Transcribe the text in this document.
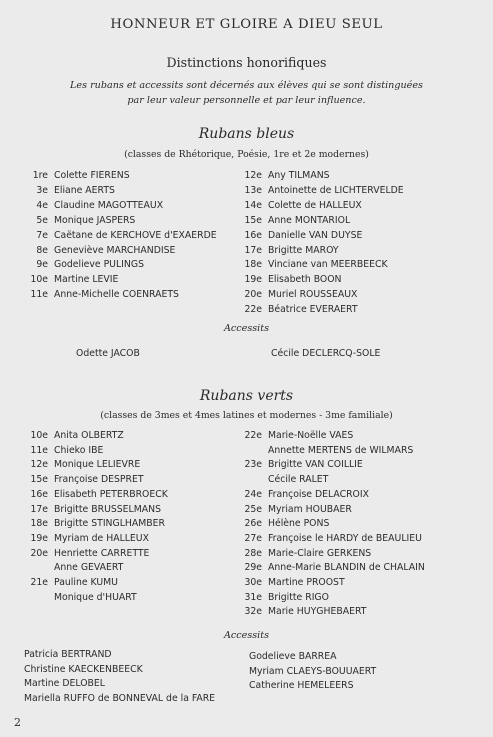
HONNEUR ET GLOIRE A DIEU SEUL
Distinctions honorifiques
Les rubans et accessits sont décernés aux élèves qui se sont distinguées
par leur valeur personnelle et par leur influence.
Rubans bleus
(classes de Rhétorique, Poésie, 1re et 2e modernes)
1re Colette FIERENS
3e Eliane AERTS
4e Claudine MAGOTTEAUX
5e Monique JASPERS
7e Caëtane de KERCHOVE d'EXAERDE
8e Geneviève MARCHANDISE
9e Godelieve PULINGS
10e Martine LEVIE
11e Anne-Michelle COENRAETS
12e Any TILMANS
13e Antoinette de LICHTERVELDE
14e Colette de HALLEUX
15e Anne MONTARIOL
16e Danielle VAN DUYSE
17e Brigitte MAROY
18e Vinciane van MEERBEECK
19e Elisabeth BOON
20e Muriel ROUSSEAUX
22e Béatrice EVERAERT
Accessits
Odette JACOB	Cécile DECLERCQ-SOLE
Rubans verts
(classes de 3mes et 4mes latines et modernes - 3me familiale)
10e Anita OLBERTZ
11e Chieko IBE
12e Monique LELIEVRE
15e Françoise DESPRET
16e Elisabeth PETERBROECK
17e Brigitte BRUSSELMANS
18e Brigitte STINGLHAMBER
19e Myriam de HALLEUX
20e Henriette CARRETTE
Anne GEVAERT
21e Pauline KUMU
Monique d'HUART
22e Marie-Noëlle VAES
Annette MERTENS de WILMARS
23e Brigitte VAN COILLIE
Cécile RALET
24e Françoise DELACROIX
25e Myriam HOUBAER
26e Hélène PONS
27e Françoise le HARDY de BEAULIEU
28e Marie-Claire GERKENS
29e Anne-Marie BLANDIN de CHALAIN
30e Martine PROOST
31e Brigitte RIGO
32e Marie HUYGHEBAERT
Accessits
Patricia BERTRAND
Christine KAECKENBEECK
Martine DELOBEL
Mariella RUFFO de BONNEVAL de la FARE
Godelieve BARREA
Myriam CLAEYS-BOUUAERT
Catherine HEMELEERS
2
